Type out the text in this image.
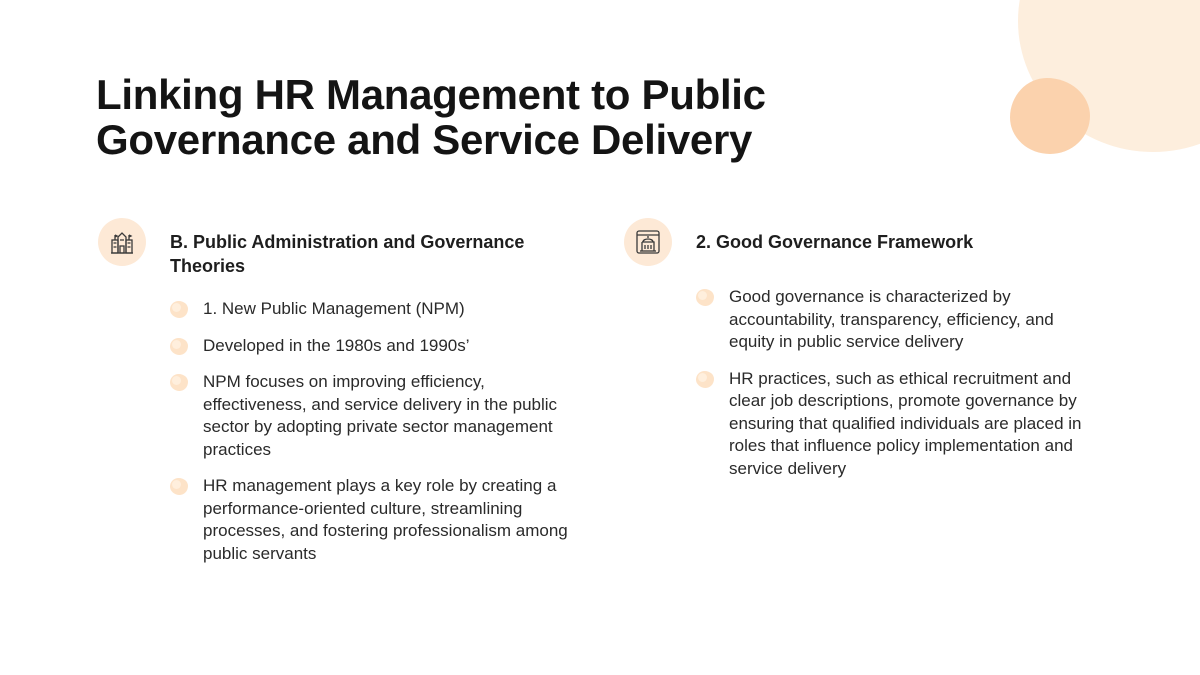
Linking HR Management to Public Governance and Service Delivery
B. Public Administration and Governance Theories
1. New Public Management (NPM)
Developed in the 1980s and 1990s’
NPM focuses on improving efficiency, effectiveness, and service delivery in the public sector by adopting private sector management practices
HR management plays a key role by creating a performance-oriented culture, streamlining processes, and fostering professionalism among public servants
2. Good Governance Framework
Good governance is characterized by accountability, transparency, efficiency, and equity in public service delivery
HR practices, such as ethical recruitment and clear job descriptions, promote governance by ensuring that qualified individuals are placed in roles that influence policy implementation and service delivery
